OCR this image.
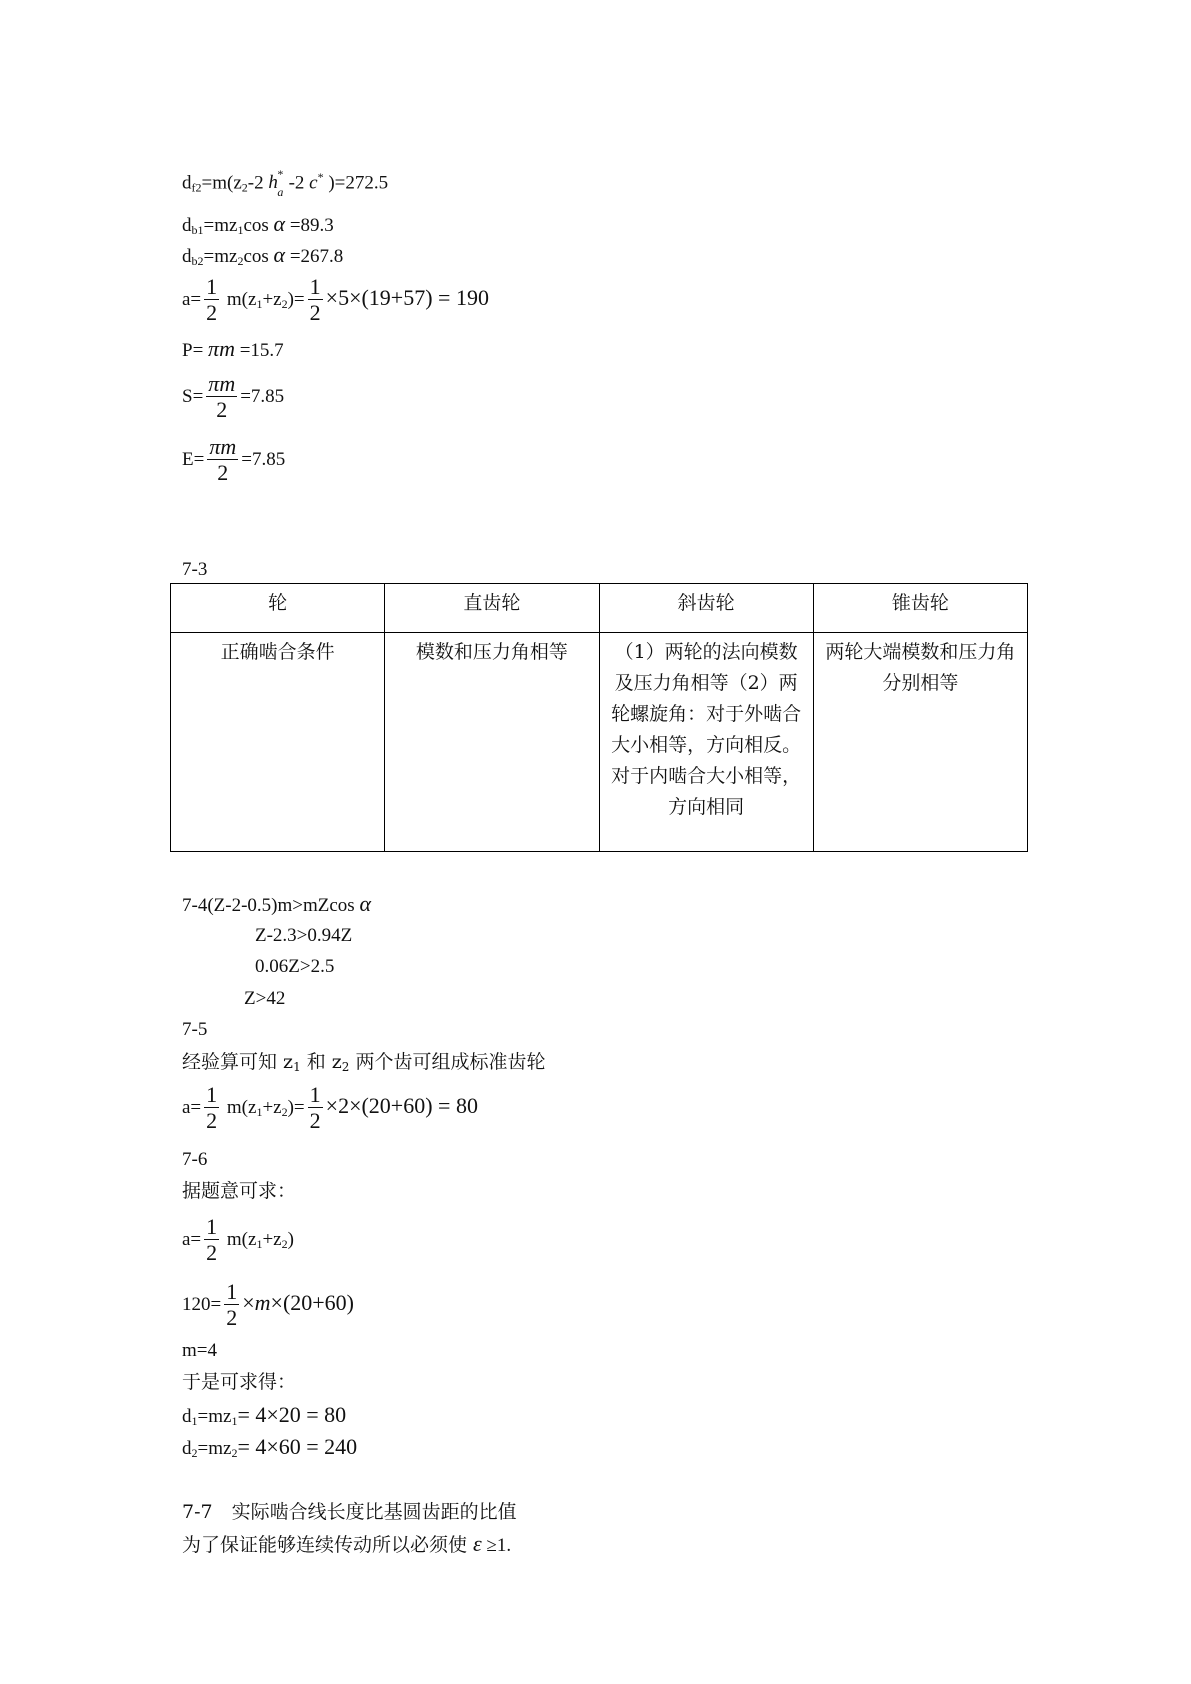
$d_{f2}=m(z_2-2$ h *
a -2 c* )=272.5
$d_{b1}=mz_1\cos$ α =89.3
$d_{b2}=mz_2\cos$ α =267.8
$a= \frac{1}{2} m(z_1+z_2)= \frac{1}{2} \times 5\times(19+57) = 190$
P= πm =15.7
$S= \frac{\pi m}{2} =7.85$
$E= \frac{\pi m}{2} =7.85$
7-3
轮	直齿轮	斜齿轮	锥齿轮
正确啮合条件	模数和压力角相等	（1）两轮的法向模数及压力角相等（2）两轮螺旋角：对于外啮合大小相等，方向相反。对于内啮合大小相等，方向相同	两轮大端模数和压力角分别相等
7-4(Z-2-0.5)m>mZcos α
Z-2.3>0.94Z
0.06Z>2.5
Z>42
7-5
经验算可知 $z_1$ 和 $z_2$ 两个齿可组成标准齿轮
$a= \frac{1}{2} m(z_1+z_2)= \frac{1}{2} \times 2\times(20+60) = 80$
7-6
据题意可求：
$a= \frac{1}{2} m(z_1+z_2)$
$120= \frac{1}{2} \times m\times(20+60)$
m=4
于是可求得：
$d_1=mz_1= 4\times 20 = 80$
$d_2=mz_2= 4\times 60 = 240$
7-7　实际啮合线长度比基圆齿距的比值
为了保证能够连续传动所以必须使 ε ≥1.
